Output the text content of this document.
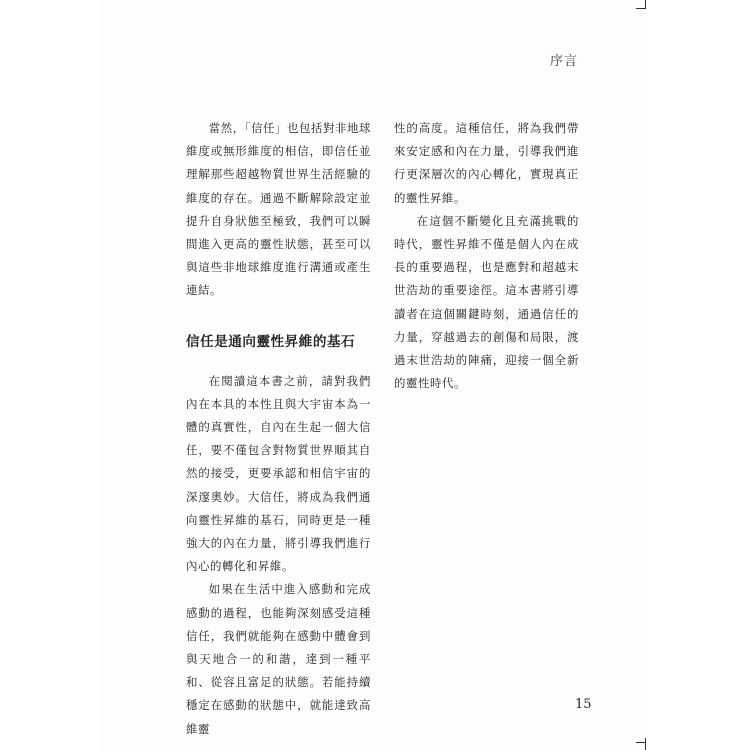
序言

當然，「信任」也包括對非地球維度或無形維度的相信，即信任並理解那些超越物質世界生活經驗的維度的存在。通過不斷解除設定並提升自身狀態至極致，我們可以瞬間進入更高的靈性狀態，甚至可以與這些非地球維度進行溝通或產生連結。

信任是通向靈性昇維的基石

在閱讀這本書之前，請對我們內在本具的本性且與大宇宙本為一體的真實性，自內在生起一個大信任，要不僅包含對物質世界順其自然的接受，更要承認和相信宇宙的深邃奧妙。大信任，將成為我們通向靈性昇維的基石，同時更是一種強大的內在力量，將引導我們進行內心的轉化和昇維。

如果在生活中進入感動和完成感動的過程，也能夠深刻感受這種信任，我們就能夠在感動中體會到與天地合一的和諧，達到一種平和、從容且富足的狀態。若能持續穩定在感動的狀態中，就能達致高維靈

性的高度。這種信任，將為我們帶來安定感和內在力量，引導我們進行更深層次的內心轉化，實現真正的靈性昇維。

在這個不斷變化且充滿挑戰的時代，靈性昇維不僅是個人內在成長的重要過程，也是應對和超越末世浩劫的重要途徑。這本書將引導讀者在這個關鍵時刻，通過信任的力量，穿越過去的創傷和局限，渡過末世浩劫的陣痛，迎接一個全新的靈性時代。

15
